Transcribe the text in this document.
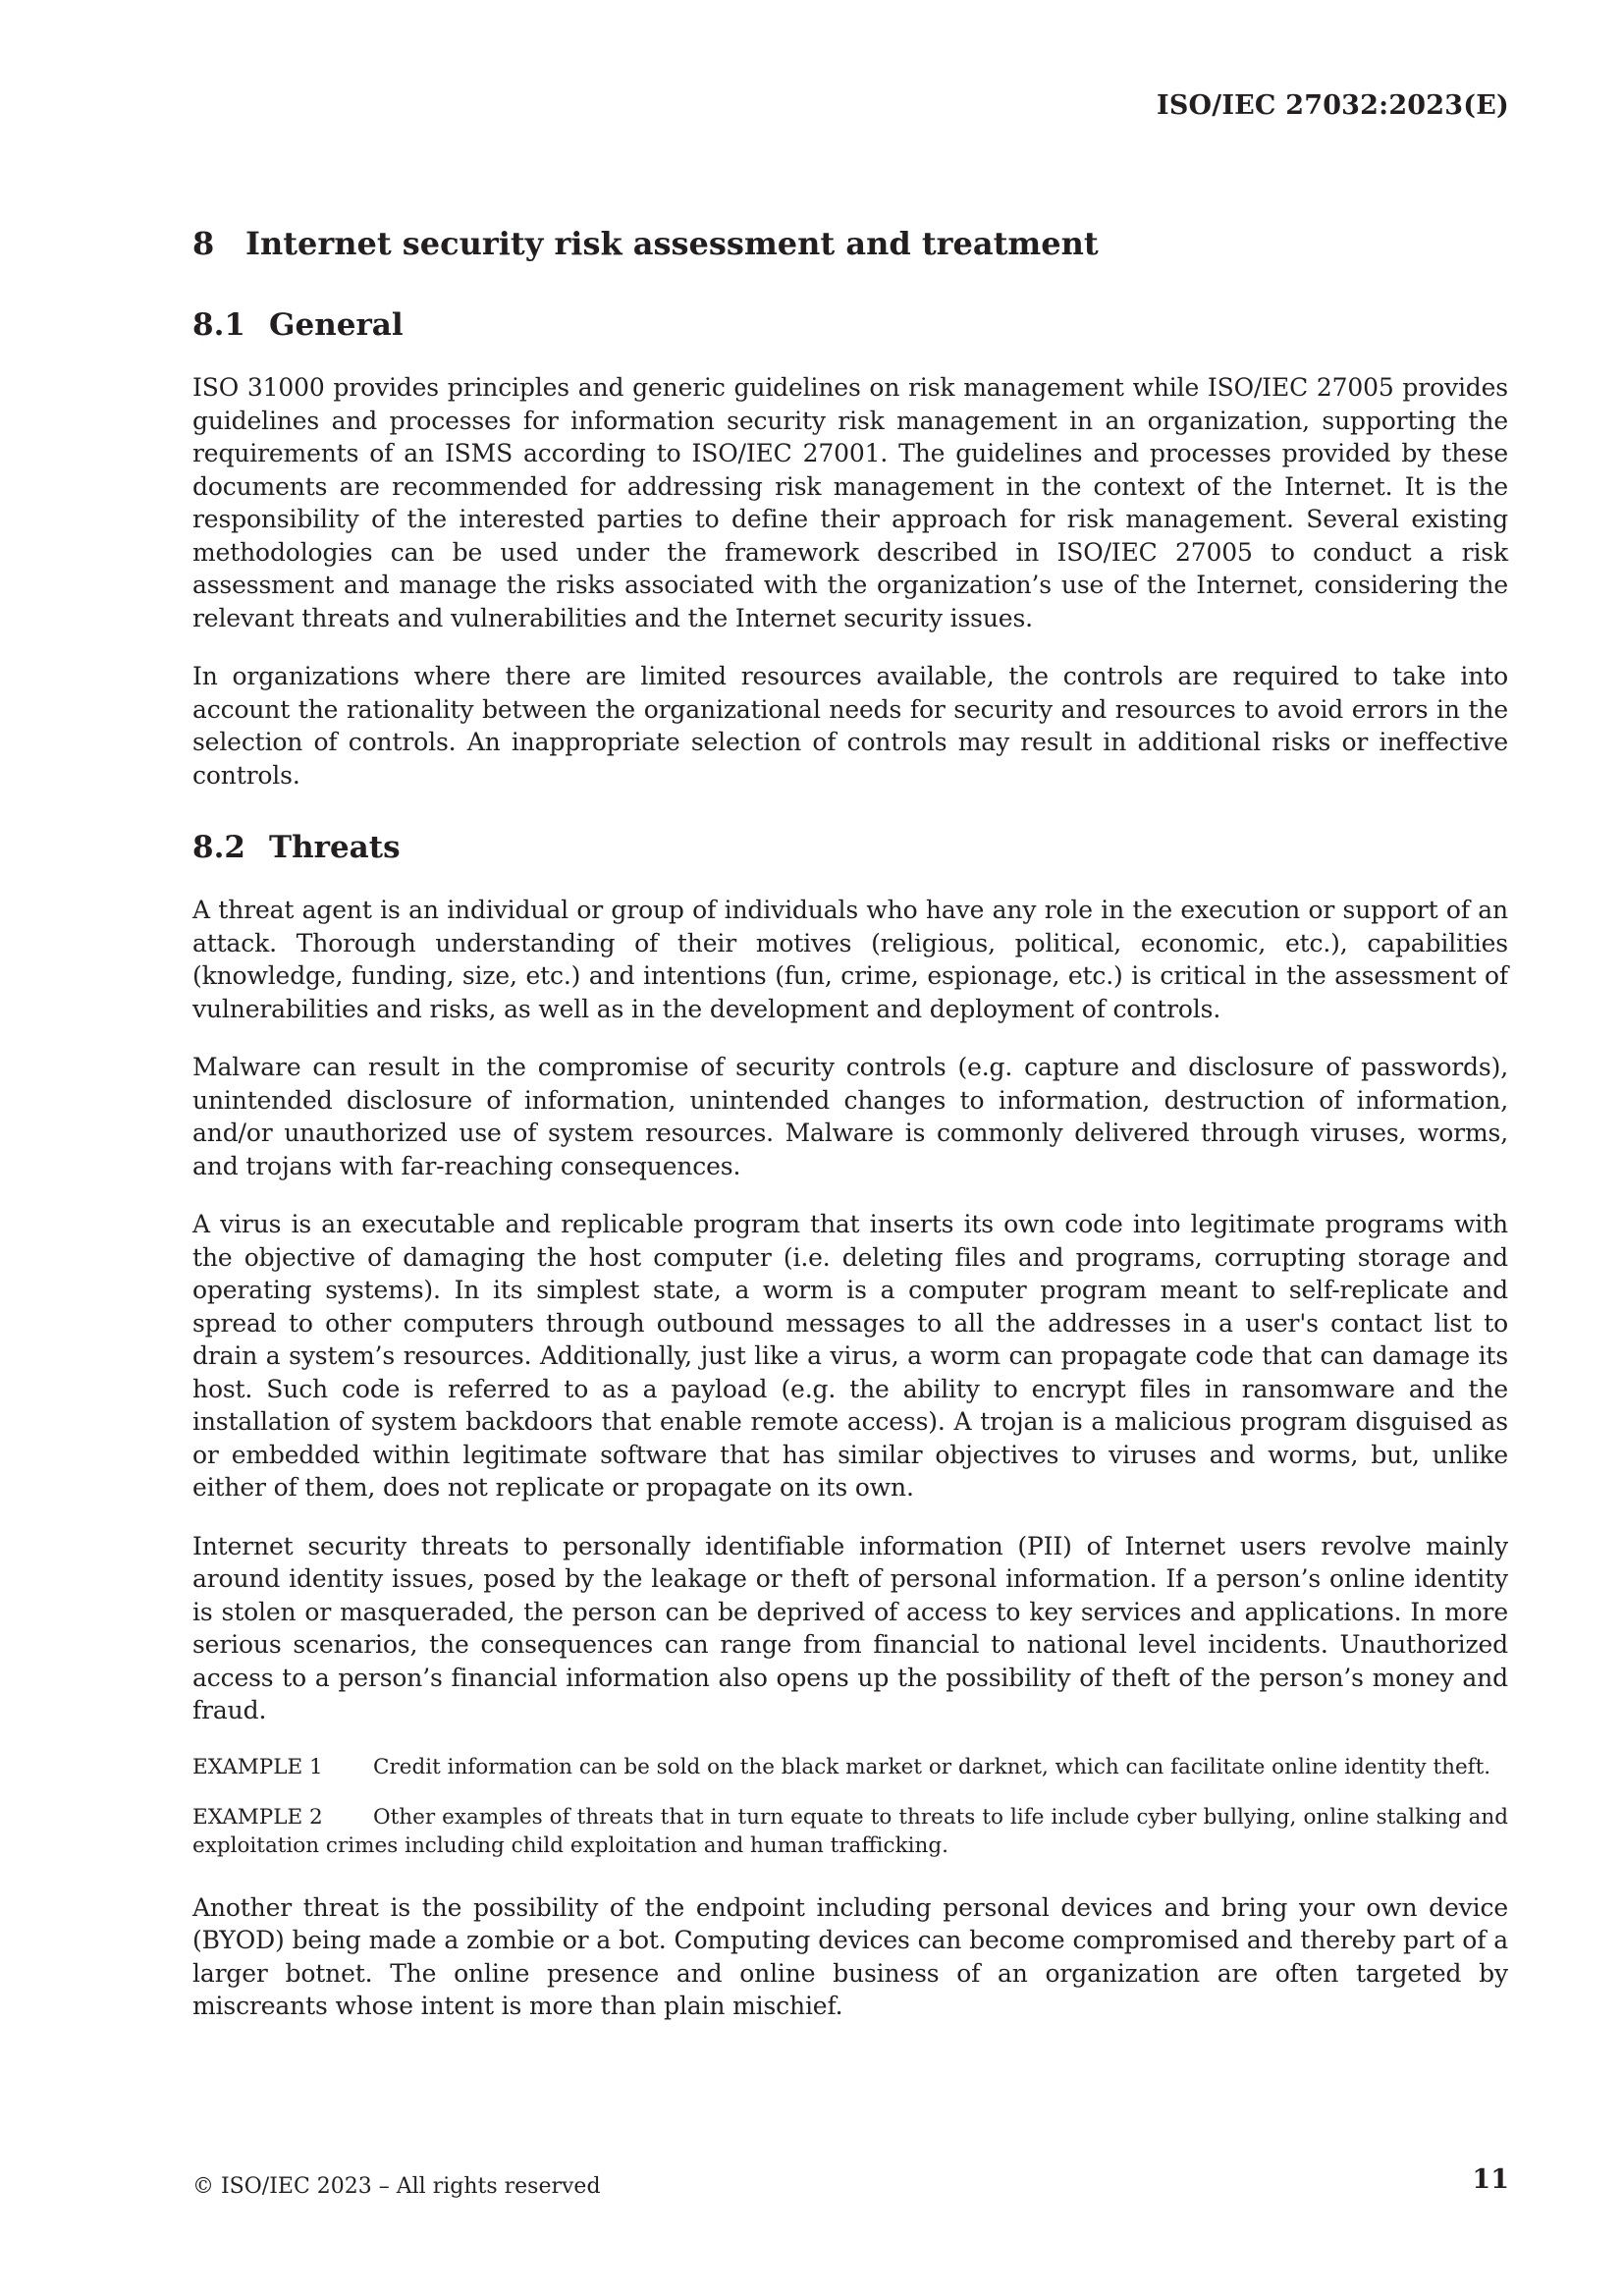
ISO/IEC 27032:2023(E)
8 Internet security risk assessment and treatment
8.1 General

ISO 31000 provides principles and generic guidelines on risk management while ISO/IEC 27005 provides guidelines and processes for information security risk management in an organization, supporting the requirements of an ISMS according to ISO/IEC 27001. The guidelines and processes provided by these documents are recommended for addressing risk management in the context of the Internet. It is the responsibility of the interested parties to define their approach for risk management. Several existing methodologies can be used under the framework described in ISO/IEC 27005 to conduct a risk assessment and manage the risks associated with the organization’s use of the Internet, considering the relevant threats and vulnerabilities and the Internet security issues.

In organizations where there are limited resources available, the controls are required to take into account the rationality between the organizational needs for security and resources to avoid errors in the selection of controls. An inappropriate selection of controls may result in additional risks or ineffective controls.

8.2 Threats

A threat agent is an individual or group of individuals who have any role in the execution or support of an attack. Thorough understanding of their motives (religious, political, economic, etc.), capabilities (knowledge, funding, size, etc.) and intentions (fun, crime, espionage, etc.) is critical in the assessment of vulnerabilities and risks, as well as in the development and deployment of controls.

Malware can result in the compromise of security controls (e.g. capture and disclosure of passwords), unintended disclosure of information, unintended changes to information, destruction of information, and/or unauthorized use of system resources. Malware is commonly delivered through viruses, worms, and trojans with far-reaching consequences.

A virus is an executable and replicable program that inserts its own code into legitimate programs with the objective of damaging the host computer (i.e. deleting files and programs, corrupting storage and operating systems). In its simplest state, a worm is a computer program meant to self-replicate and spread to other computers through outbound messages to all the addresses in a user's contact list to drain a system’s resources. Additionally, just like a virus, a worm can propagate code that can damage its host. Such code is referred to as a payload (e.g. the ability to encrypt files in ransomware and the installation of system backdoors that enable remote access). A trojan is a malicious program disguised as or embedded within legitimate software that has similar objectives to viruses and worms, but, unlike either of them, does not replicate or propagate on its own.

Internet security threats to personally identifiable information (PII) of Internet users revolve mainly around identity issues, posed by the leakage or theft of personal information. If a person’s online identity is stolen or masqueraded, the person can be deprived of access to key services and applications. In more serious scenarios, the consequences can range from financial to national level incidents. Unauthorized access to a person’s financial information also opens up the possibility of theft of the person’s money and fraud.

EXAMPLE 1 Credit information can be sold on the black market or darknet, which can facilitate online identity theft.

EXAMPLE 2 Other examples of threats that in turn equate to threats to life include cyber bullying, online stalking and exploitation crimes including child exploitation and human trafficking.

Another threat is the possibility of the endpoint including personal devices and bring your own device (BYOD) being made a zombie or a bot. Computing devices can become compromised and thereby part of a larger botnet. The online presence and online business of an organization are often targeted by miscreants whose intent is more than plain mischief.

© ISO/IEC 2023 – All rights reserved	11
